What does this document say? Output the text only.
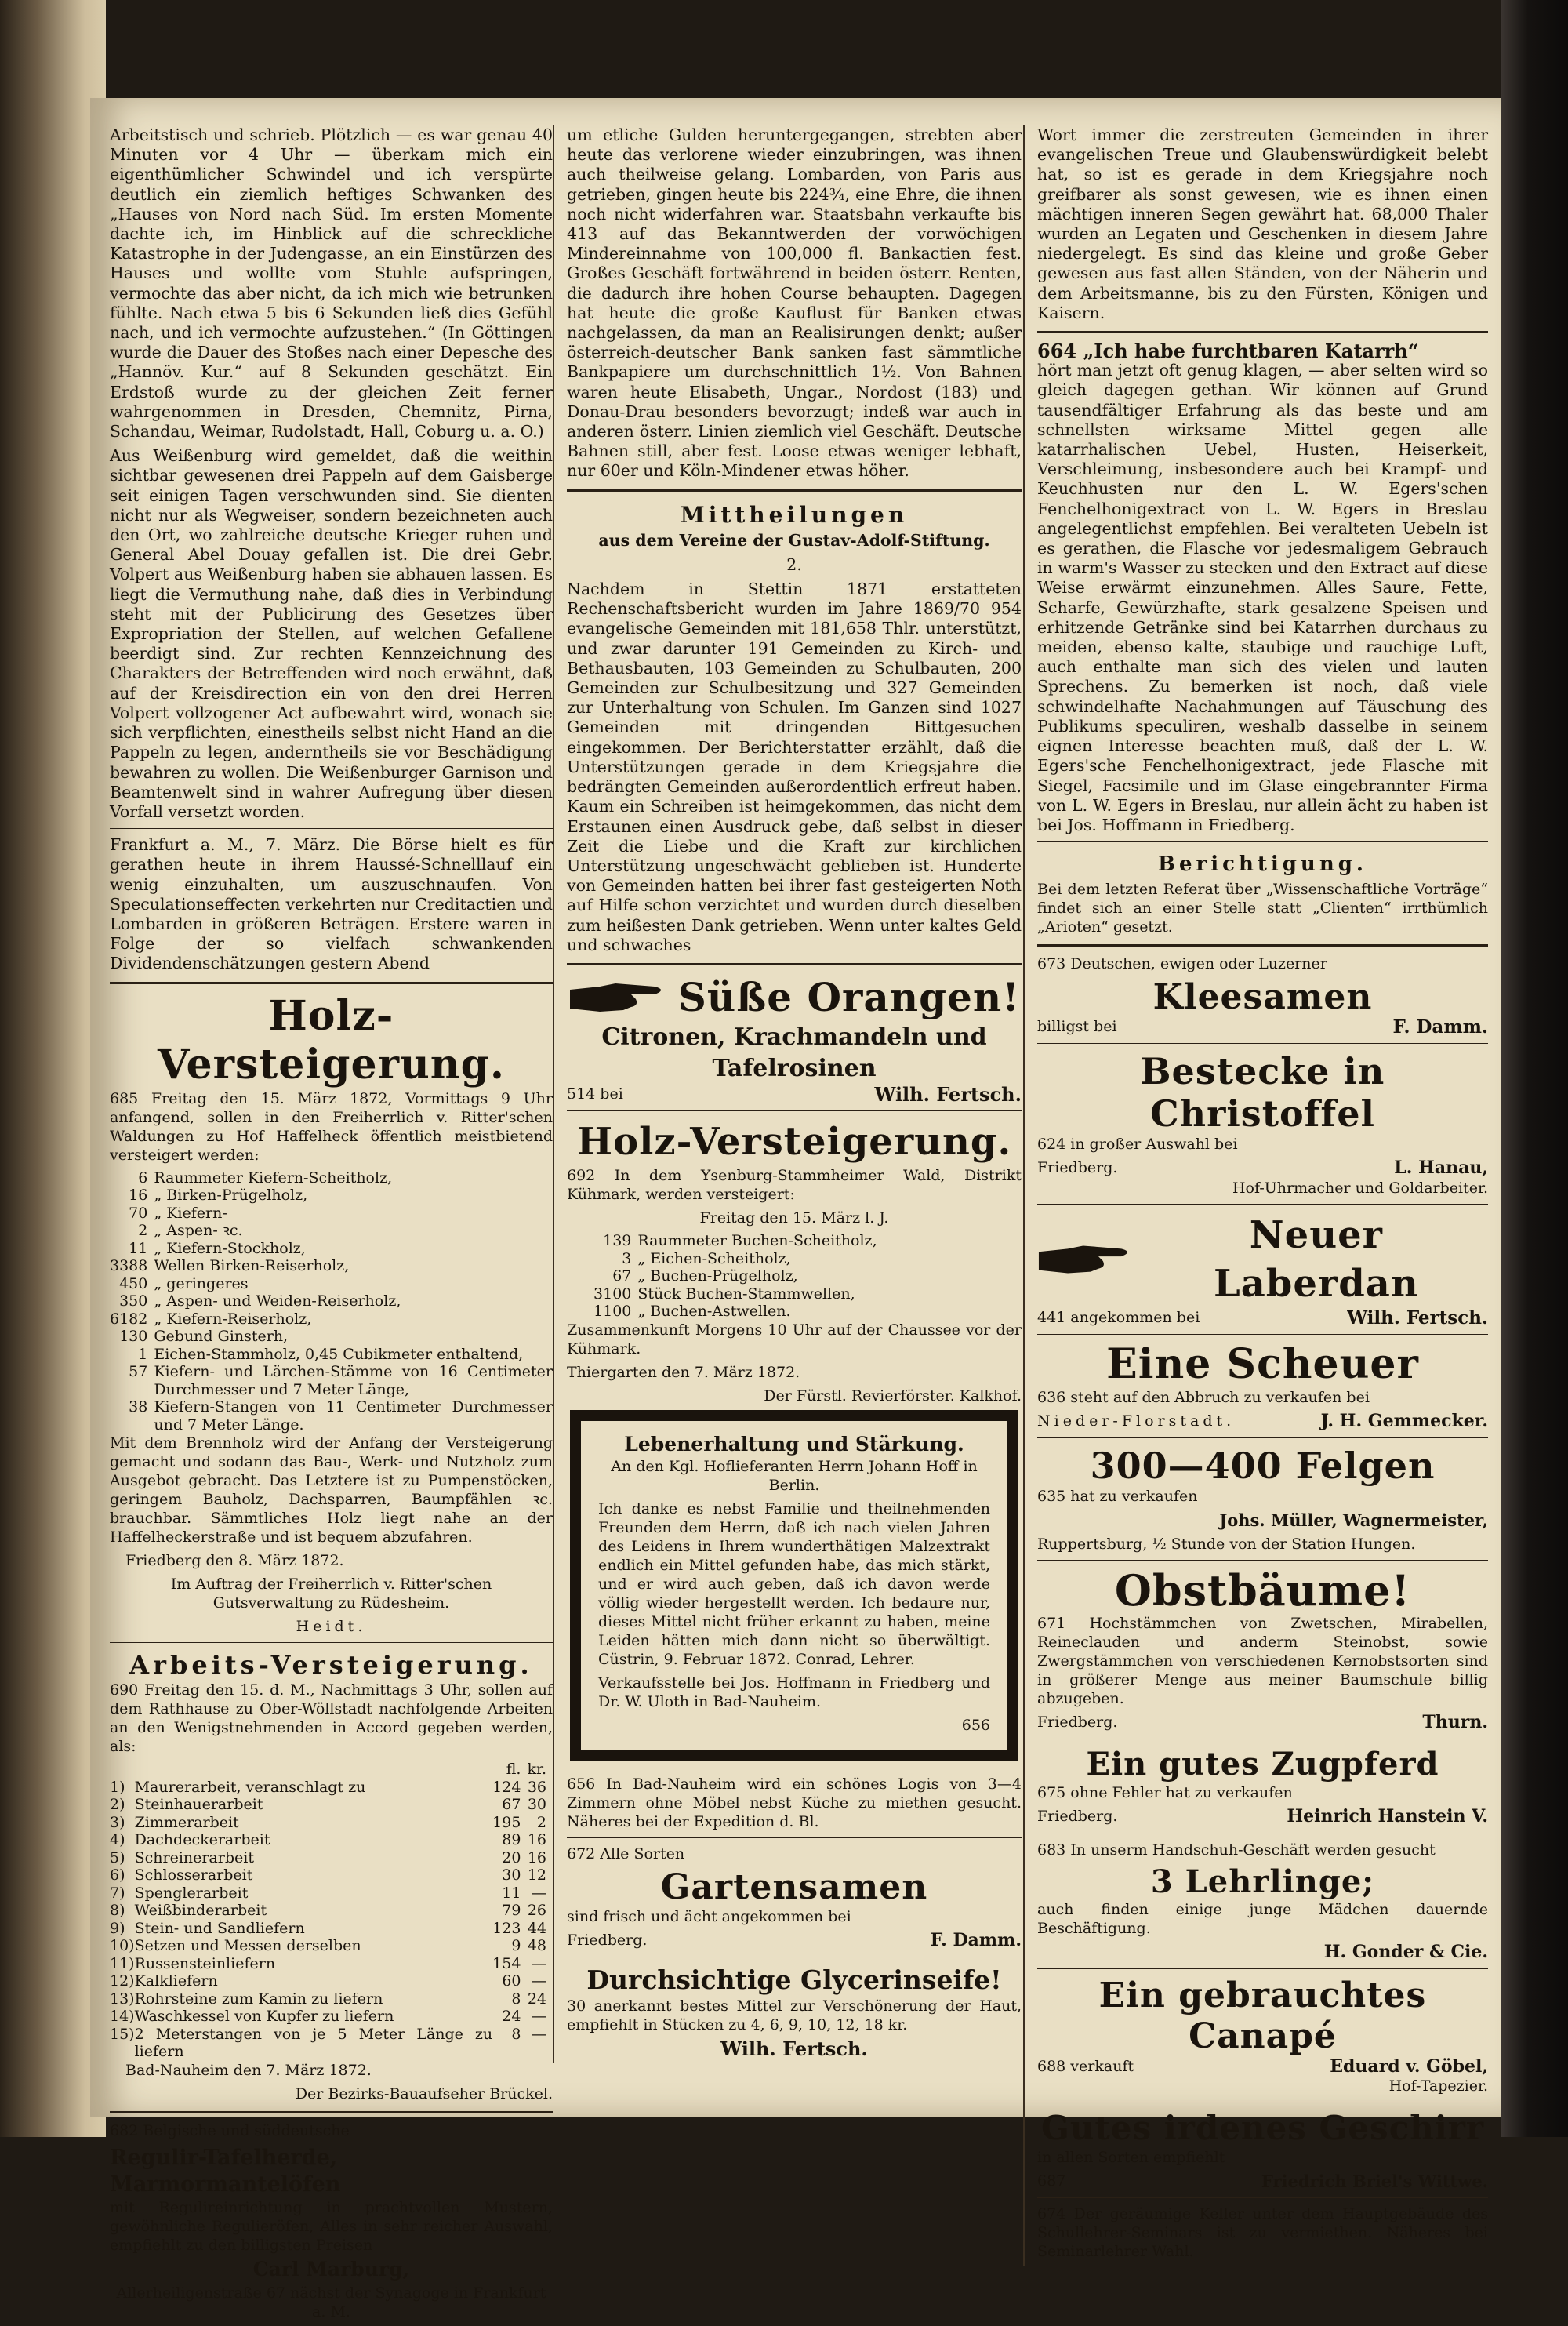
Arbeitstisch und schrieb. Plötzlich — es war genau 40 Minuten vor 4 Uhr — überkam mich ein eigenthümlicher Schwindel und ich verspürte deutlich ein ziemlich heftiges Schwanken des „Hauses von Nord nach Süd. Im ersten Momente dachte ich, im Hinblick auf die schreckliche Katastrophe in der Judengasse, an ein Einstürzen des Hauses und wollte vom Stuhle aufspringen, vermochte das aber nicht, da ich mich wie betrunken fühlte. Nach etwa 5 bis 6 Sekunden ließ dies Gefühl nach, und ich vermochte aufzustehen.“ (In Göttingen wurde die Dauer des Stoßes nach einer Depesche des „Hannöv. Kur.“ auf 8 Sekunden geschätzt. Ein Erdstoß wurde zu der gleichen Zeit ferner wahrgenommen in Dresden, Chemnitz, Pirna, Schandau, Weimar, Rudolstadt, Hall, Coburg u. a. O.)

Aus Weißenburg wird gemeldet, daß die weithin sichtbar gewesenen drei Pappeln auf dem Gaisberge seit einigen Tagen verschwunden sind. Sie dienten nicht nur als Wegweiser, sondern bezeichneten auch den Ort, wo zahlreiche deutsche Krieger ruhen und General Abel Douay gefallen ist. Die drei Gebr. Volpert aus Weißenburg haben sie abhauen lassen. Es liegt die Vermuthung nahe, daß dies in Verbindung steht mit der Publicirung des Gesetzes über Expropriation der Stellen, auf welchen Gefallene beerdigt sind. Zur rechten Kennzeichnung des Charakters der Betreffenden wird noch erwähnt, daß auf der Kreisdirection ein von den drei Herren Volpert vollzogener Act aufbewahrt wird, wonach sie sich verpflichten, einestheils selbst nicht Hand an die Pappeln zu legen, anderntheils sie vor Beschädigung bewahren zu wollen. Die Weißenburger Garnison und Beamtenwelt sind in wahrer Aufregung über diesen Vorfall versetzt worden.

Frankfurt a. M., 7. März. Die Börse hielt es für gerathen heute in ihrem Haussé-Schnelllauf ein wenig einzuhalten, um auszuschnaufen. Von Speculationseffecten verkehrten nur Creditactien und Lombarden in größeren Beträgen. Erstere waren in Folge der so vielfach schwankenden Dividendenschätzungen gestern Abend

Holz-Versteigerung.

685 Freitag den 15. März 1872, Vormittags 9 Uhr anfangend, sollen in den Freiherrlich v. Ritter'schen Waldungen zu Hof Haffelheck öffentlich meistbietend versteigert werden:

6	Raummeter Kiefern-Scheitholz,
16	„ Birken-Prügelholz,
70	„ Kiefern-
2	„ Aspen- ꝛc.
11	„ Kiefern-Stockholz,
3388	Wellen Birken-Reiserholz,
450	„ geringeres
350	„ Aspen- und Weiden-Reiserholz,
6182	„ Kiefern-Reiserholz,
130	Gebund Ginsterh,
1	Eichen-Stammholz, 0,45 Cubikmeter enthaltend,
57	Kiefern- und Lärchen-Stämme von 16 Centimeter Durchmesser und 7 Meter Länge,
38	Kiefern-Stangen von 11 Centimeter Durchmesser und 7 Meter Länge.

Mit dem Brennholz wird der Anfang der Versteigerung gemacht und sodann das Bau-, Werk- und Nutzholz zum Ausgebot gebracht. Das Letztere ist zu Pumpenstöcken, geringem Bauholz, Dachsparren, Baumpfählen ꝛc. brauchbar. Sämmtliches Holz liegt nahe an der Haffelheckerstraße und ist bequem abzufahren.

Friedberg den 8. März 1872.

Im Auftrag der Freiherrlich v. Ritter'schen Gutsverwaltung zu Rüdesheim.

Heidt.

Arbeits-Versteigerung.

690 Freitag den 15. d. M., Nachmittags 3 Uhr, sollen auf dem Rathhause zu Ober-Wöllstadt nachfolgende Arbeiten an den Wenigstnehmenden in Accord gegeben werden, als:

		fl.	kr.
1)	Maurerarbeit, veranschlagt zu	124	36
2)	Steinhauerarbeit	67	30
3)	Zimmerarbeit	195	2
4)	Dachdeckerarbeit	89	16
5)	Schreinerarbeit	20	16
6)	Schlosserarbeit	30	12
7)	Spenglerarbeit	11	—
8)	Weißbinderarbeit	79	26
9)	Stein- und Sandliefern	123	44
10)	Setzen und Messen derselben	9	48
11)	Russensteinliefern	154	—
12)	Kalkliefern	60	—
13)	Rohrsteine zum Kamin zu liefern	8	24
14)	Waschkessel von Kupfer zu liefern	24	—
15)	2 Meterstangen von je 5 Meter Länge zu liefern	8	—

Bad-Nauheim den 7. März 1872.

Der Bezirks-Bauaufseher Brückel.

682 Belgische und süddeutsche

Regulir-Tafelherde, Marmormantelöfen

mit Regulireinrichtung in prachtvollen Mustern, gewöhnliche Regulieröfen, Alles in sehr reicher Auswahl, empfiehlt zu den billigsten Preisen

Carl Marburg,

Allerheiligenstraße 67 nächst der Synagoge in Frankfurt a. M.

um etliche Gulden heruntergegangen, strebten aber heute das verlorene wieder einzubringen, was ihnen auch theilweise gelang. Lombarden, von Paris aus getrieben, gingen heute bis 224¾, eine Ehre, die ihnen noch nicht widerfahren war. Staatsbahn verkaufte bis 413 auf das Bekanntwerden der vorwöchigen Mindereinnahme von 100,000 fl. Bankactien fest. Großes Geschäft fortwährend in beiden österr. Renten, die dadurch ihre hohen Course behaupten. Dagegen hat heute die große Kauflust für Banken etwas nachgelassen, da man an Realisirungen denkt; außer österreich-deutscher Bank sanken fast sämmtliche Bankpapiere um durchschnittlich 1½. Von Bahnen waren heute Elisabeth, Ungar., Nordost (183) und Donau-Drau besonders bevorzugt; indeß war auch in anderen österr. Linien ziemlich viel Geschäft. Deutsche Bahnen still, aber fest. Loose etwas weniger lebhaft, nur 60er und Köln-Mindener etwas höher.

Mittheilungen

aus dem Vereine der Gustav-Adolf-Stiftung.

2.

Nachdem in Stettin 1871 erstatteten Rechenschaftsbericht wurden im Jahre 1869/70 954 evangelische Gemeinden mit 181,658 Thlr. unterstützt, und zwar darunter 191 Gemeinden zu Kirch- und Bethausbauten, 103 Gemeinden zu Schulbauten, 200 Gemeinden zur Schulbesitzung und 327 Gemeinden zur Unterhaltung von Schulen. Im Ganzen sind 1027 Gemeinden mit dringenden Bittgesuchen eingekommen. Der Berichterstatter erzählt, daß die Unterstützungen gerade in dem Kriegsjahre die bedrängten Gemeinden außerordentlich erfreut haben. Kaum ein Schreiben ist heimgekommen, das nicht dem Erstaunen einen Ausdruck gebe, daß selbst in dieser Zeit die Liebe und die Kraft zur kirchlichen Unterstützung ungeschwächt geblieben ist. Hunderte von Gemeinden hatten bei ihrer fast gesteigerten Noth auf Hilfe schon verzichtet und wurden durch dieselben zum heißesten Dank getrieben. Wenn unter kaltes Geld und schwaches

Süße Orangen!
Citronen, Krachmandeln und Tafelrosinen
514 bei	Wilh. Fertsch.
Holz-Versteigerung.

692 In dem Ysenburg-Stammheimer Wald, Distrikt Kühmark, werden versteigert:

Freitag den 15. März l. J.

139	Raummeter Buchen-Scheitholz,
3	„ Eichen-Scheitholz,
67	„ Buchen-Prügelholz,
3100	Stück Buchen-Stammwellen,
1100	„ Buchen-Astwellen.

Zusammenkunft Morgens 10 Uhr auf der Chaussee vor der Kühmark.

Thiergarten den 7. März 1872.

Der Fürstl. Revierförster. Kalkhof.

Lebenerhaltung und Stärkung.

An den Kgl. Hoflieferanten Herrn Johann Hoff in Berlin.

Ich danke es nebst Familie und theilnehmenden Freunden dem Herrn, daß ich nach vielen Jahren des Leidens in Ihrem wunderthätigen Malzextrakt endlich ein Mittel gefunden habe, das mich stärkt, und er wird auch geben, daß ich davon werde völlig wieder hergestellt werden. Ich bedaure nur, dieses Mittel nicht früher erkannt zu haben, meine Leiden hätten mich dann nicht so überwältigt. Cüstrin, 9. Februar 1872. Conrad, Lehrer.

Verkaufsstelle bei Jos. Hoffmann in Friedberg und Dr. W. Uloth in Bad-Nauheim.

656

656 In Bad-Nauheim wird ein schönes Logis von 3—4 Zimmern ohne Möbel nebst Küche zu miethen gesucht. Näheres bei der Expedition d. Bl.

672 Alle Sorten

Gartensamen

sind frisch und ächt angekommen bei

Friedberg.	F. Damm.
Durchsichtige Glycerinseife!

30 anerkannt bestes Mittel zur Verschönerung der Haut, empfiehlt in Stücken zu 4, 6, 9, 10, 12, 18 kr.

Wilh. Fertsch.

Wort immer die zerstreuten Gemeinden in ihrer evangelischen Treue und Glaubenswürdigkeit belebt hat, so ist es gerade in dem Kriegsjahre noch greifbarer als sonst gewesen, wie es ihnen einen mächtigen inneren Segen gewährt hat. 68,000 Thaler wurden an Legaten und Geschenken in diesem Jahre niedergelegt. Es sind das kleine und große Geber gewesen aus fast allen Ständen, von der Näherin und dem Arbeitsmanne, bis zu den Fürsten, Königen und Kaisern.

664 „Ich habe furchtbaren Katarrh“

hört man jetzt oft genug klagen, — aber selten wird so gleich dagegen gethan. Wir können auf Grund tausendfältiger Erfahrung als das beste und am schnellsten wirksame Mittel gegen alle katarrhalischen Uebel, Husten, Heiserkeit, Verschleimung, insbesondere auch bei Krampf- und Keuchhusten nur den L. W. Egers'schen Fenchelhonigextract von L. W. Egers in Breslau angelegentlichst empfehlen. Bei veralteten Uebeln ist es gerathen, die Flasche vor jedesmaligem Gebrauch in warm's Wasser zu stecken und den Extract auf diese Weise erwärmt einzunehmen. Alles Saure, Fette, Scharfe, Gewürzhafte, stark gesalzene Speisen und erhitzende Getränke sind bei Katarrhen durchaus zu meiden, ebenso kalte, staubige und rauchige Luft, auch enthalte man sich des vielen und lauten Sprechens. Zu bemerken ist noch, daß viele schwindelhafte Nachahmungen auf Täuschung des Publikums speculiren, weshalb dasselbe in seinem eignen Interesse beachten muß, daß der L. W. Egers'sche Fenchelhonigextract, jede Flasche mit Siegel, Facsimile und im Glase eingebrannter Firma von L. W. Egers in Breslau, nur allein ächt zu haben ist bei Jos. Hoffmann in Friedberg.

Berichtigung.

Bei dem letzten Referat über „Wissenschaftliche Vorträge“ findet sich an einer Stelle statt „Clienten“ irrthümlich „Arioten“ gesetzt.

673 Deutschen, ewigen oder Luzerner

Kleesamen
billigst bei	F. Damm.
Bestecke in Christoffel

624 in großer Auswahl bei

Friedberg.	L. Hanau,

Hof-Uhrmacher und Goldarbeiter.

Neuer Laberdan
441 angekommen bei	Wilh. Fertsch.
Eine Scheuer

636 steht auf den Abbruch zu verkaufen bei

Nieder-Florstadt.	J. H. Gemmecker.
300—400 Felgen

635 hat zu verkaufen

Johs. Müller, Wagnermeister,

Ruppertsburg, ½ Stunde von der Station Hungen.

Obstbäume!

671 Hochstämmchen von Zwetschen, Mirabellen, Reineclauden und anderm Steinobst, sowie Zwergstämmchen von verschiedenen Kernobstsorten sind in größerer Menge aus meiner Baumschule billig abzugeben.

Friedberg.	Thurn.
Ein gutes Zugpferd

675 ohne Fehler hat zu verkaufen

Friedberg.	Heinrich Hanstein V.

683 In unserm Handschuh-Geschäft werden gesucht

3 Lehrlinge;

auch finden einige junge Mädchen dauernde Beschäftigung.

H. Gonder & Cie.

Ein gebrauchtes Canapé
688 verkauft	Eduard v. Göbel,

Hof-Tapezier.

Gutes irdenes Geschirr

in allen Sorten empfiehlt

687	Friedrich Briel's Wittwe.

674 Der geräumige Keller unter dem Hauptgebäude des Schullehrer-Seminars ist zu vermiethen. Näheres bei Seminarlehrer Wahl.
